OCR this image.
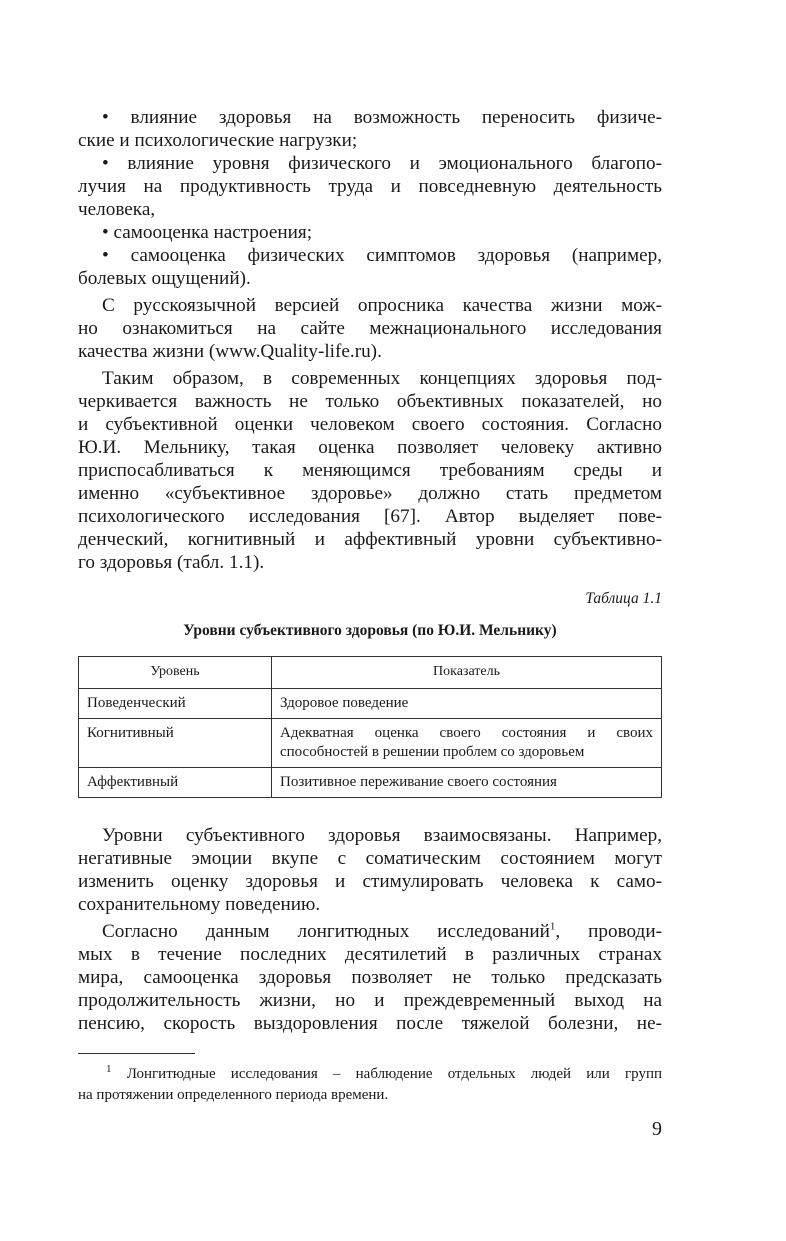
• влияние здоровья на возможность переносить физиче-
ские и психологические нагрузки;
• влияние уровня физического и эмоционального благопо-
лучия на продуктивность труда и повседневную деятельность
человека,
• самооценка настроения;
• самооценка физических симптомов здоровья (например,
болевых ощущений).
С русскоязычной версией опросника качества жизни мож-
но ознакомиться на сайте межнационального исследования
качества жизни (www.Quality-life.ru).
Таким образом, в современных концепциях здоровья под-
черкивается важность не только объективных показателей, но
и субъективной оценки человеком своего состояния. Согласно
Ю.И. Мельнику, такая оценка позволяет человеку активно
приспосабливаться к меняющимся требованиям среды и
именно «субъективное здоровье» должно стать предметом
психологического исследования [67]. Автор выделяет пове-
денческий, когнитивный и аффективный уровни субъективно-
го здоровья (табл. 1.1).
Таблица 1.1
Уровни субъективного здоровья (по Ю.И. Мельнику)
Уровень	Показатель
Поведенческий	Здоровое поведение
Когнитивный	Адекватная оценка своего состояния и своих способностей в решении проблем со здоровьем
Аффективный	Позитивное переживание своего состояния
Уровни субъективного здоровья взаимосвязаны. Например,
негативные эмоции вкупе с соматическим состоянием могут
изменить оценку здоровья и стимулировать человека к само-
сохранительному поведению.
Согласно данным лонгитюдных исследований$^1$, проводи-
мых в течение последних десятилетий в различных странах
мира, самооценка здоровья позволяет не только предсказать
продолжительность жизни, но и преждевременный выход на
пенсию, скорость выздоровления после тяжелой болезни, не-
$^1$ Лонгитюдные исследования – наблюдение отдельных людей или групп
на протяжении определенного периода времени.
9
